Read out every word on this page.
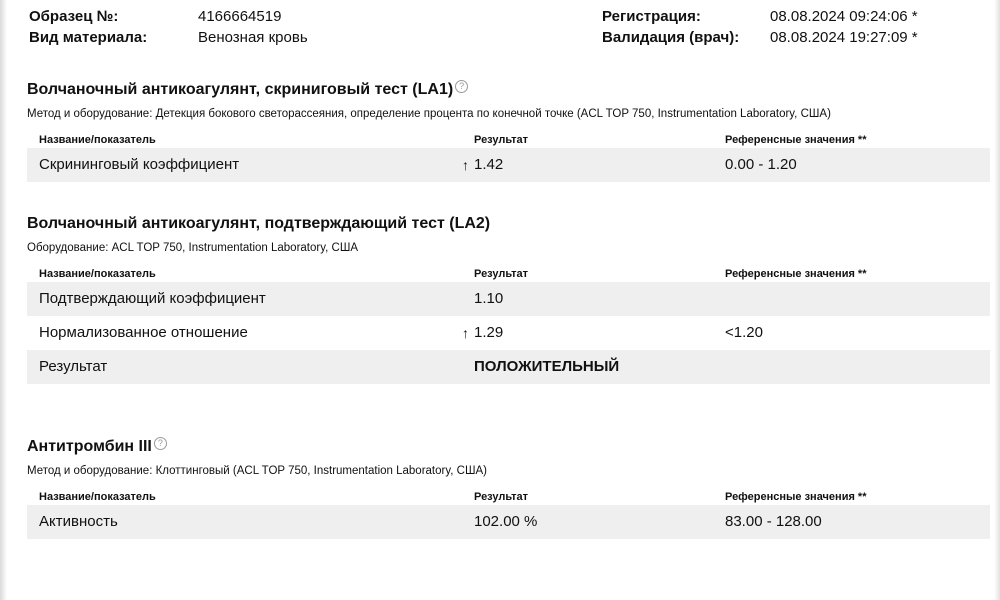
Образец №:	4166664519
Вид материала:	Венозная кровь
Регистрация:	08.08.2024 09:24:06 *
Валидация (врач): 08.08.2024 19:27:09 *
Волчаночный антикоагулянт, скриниговый тест (LA1) ?
Метод и оборудование: Детекция бокового светорассеяния, определение процента по конечной точке (ACL TOP 750, Instrumentation Laboratory, США)
Название/показатель	Результат	Референсные значения **
Скрининговый коэффициент	↑ 1.42	0.00 - 1.20
Волчаночный антикоагулянт, подтверждающий тест (LA2)
Оборудование: ACL TOP 750, Instrumentation Laboratory, США
Название/показатель	Результат	Референсные значения **
Подтверждающий коэффициент	1.10
Нормализованное отношение	↑ 1.29	<1.20
Результат	ПОЛОЖИТЕЛЬНЫЙ
Антитромбин III ?
Метод и оборудование: Клоттинговый (ACL TOP 750, Instrumentation Laboratory, США)
Название/показатель	Результат	Референсные значения **
Активность	102.00 %	83.00 - 128.00
